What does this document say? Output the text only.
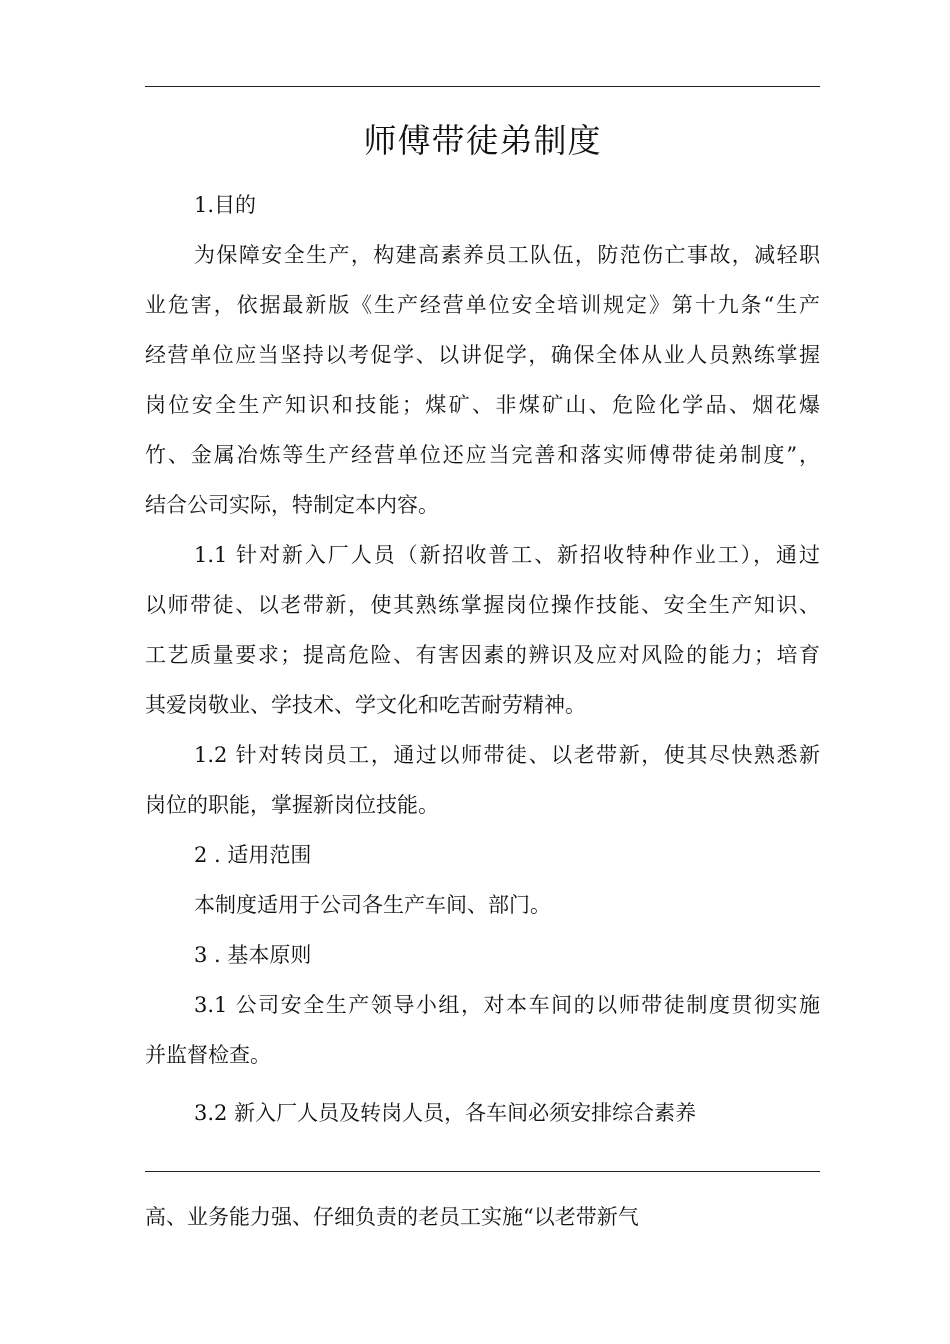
师傅带徒弟制度

1.目的

为保障安全生产，构建高素养员工队伍，防范伤亡事故，减轻职

业危害，依据最新版《生产经营单位安全培训规定》第十九条“生产

经营单位应当坚持以考促学、以讲促学，确保全体从业人员熟练掌握

岗位安全生产知识和技能；煤矿、非煤矿山、危险化学品、烟花爆

竹、金属冶炼等生产经营单位还应当完善和落实师傅带徒弟制度”，

结合公司实际，特制定本内容。

1.1 针对新入厂人员（新招收普工、新招收特种作业工），通过

以师带徒、以老带新，使其熟练掌握岗位操作技能、安全生产知识、

工艺质量要求；提高危险、有害因素的辨识及应对风险的能力；培育

其爱岗敬业、学技术、学文化和吃苦耐劳精神。

1.2 针对转岗员工，通过以师带徒、以老带新，使其尽快熟悉新

岗位的职能，掌握新岗位技能。

2 . 适用范围

本制度适用于公司各生产车间、部门。

3 . 基本原则

3.1 公司安全生产领导小组，对本车间的以师带徒制度贯彻实施

并监督检查。

3.2 新入厂人员及转岗人员，各车间必须安排综合素养

高、业务能力强、仔细负责的老员工实施“以老带新气
